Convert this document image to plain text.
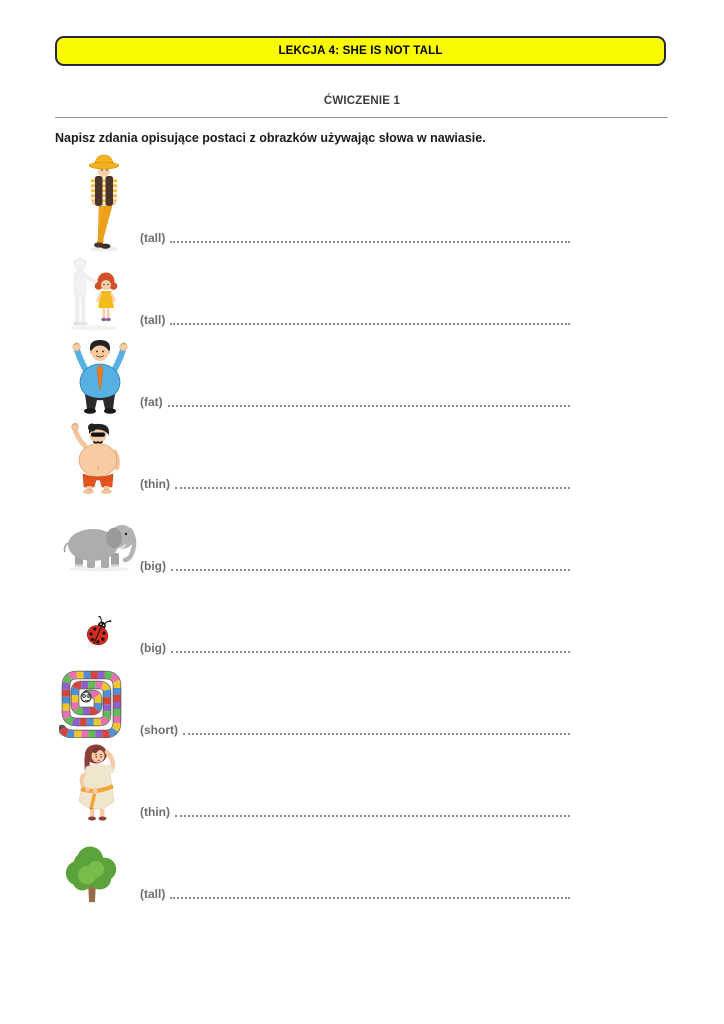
LEKCJA 4: SHE IS NOT TALL
ĆWICZENIE 1
Napisz zdania opisujące postaci z obrazków używając słowa w nawiasie.
(tall)
(tall)
(fat)
(thin)
(big)
(big)
(short)
(thin)
(tall)
